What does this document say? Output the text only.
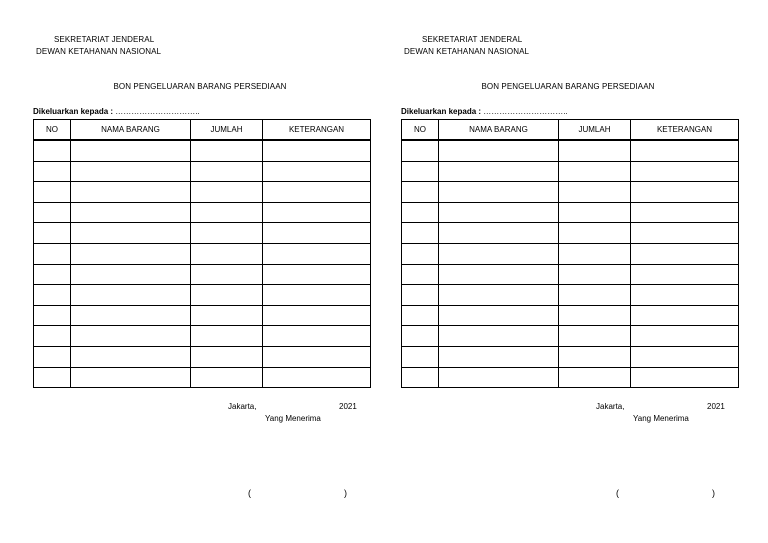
SEKRETARIAT JENDERAL
DEWAN KETAHANAN NASIONAL
BON PENGELUARAN BARANG PERSEDIAAN
Dikeluarkan kepada : …………………………..
NO	NAMA BARANG	JUMLAH	KETERANGAN

Jakarta,	2021
Yang Menerima
(	)
SEKRETARIAT JENDERAL
DEWAN KETAHANAN NASIONAL
BON PENGELUARAN BARANG PERSEDIAAN
Dikeluarkan kepada : …………………………..
NO	NAMA BARANG	JUMLAH	KETERANGAN

Jakarta,	2021
Yang Menerima
(	)
